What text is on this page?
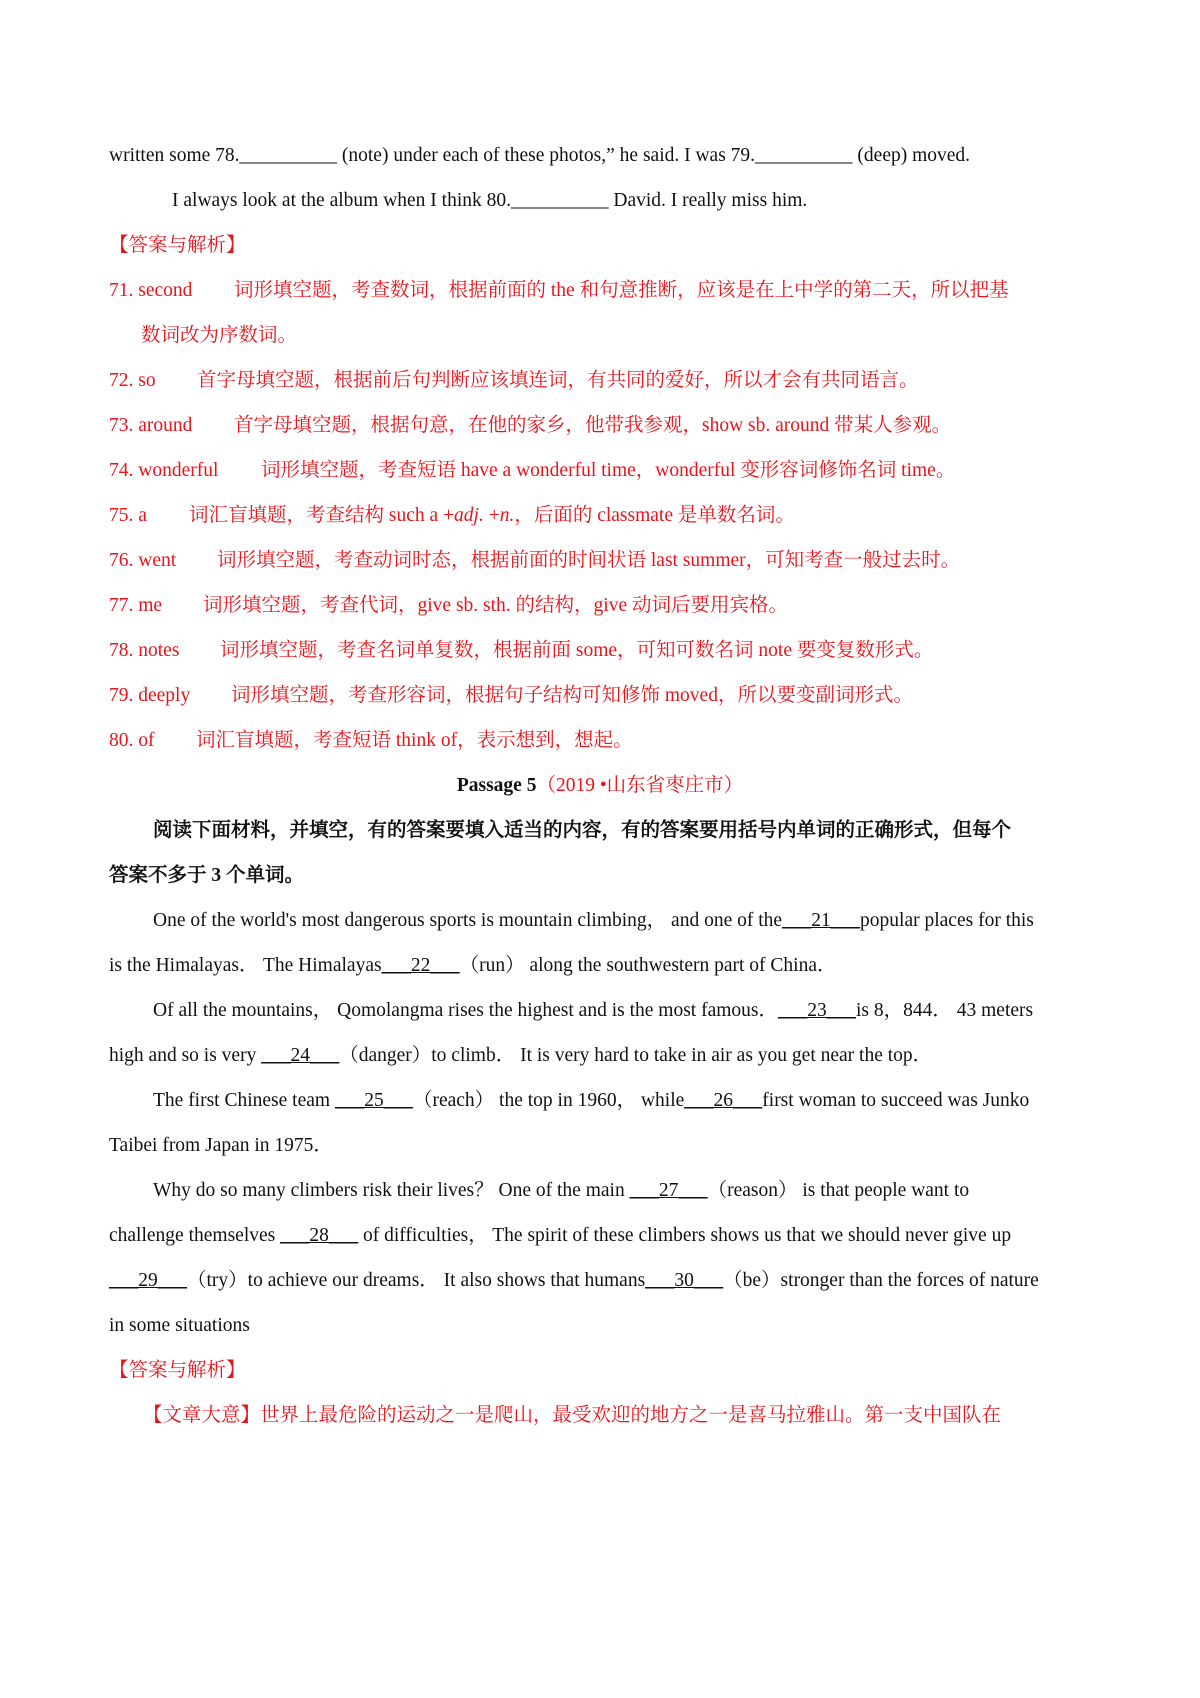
written some 78.__________ (note) under each of these photos,” he said. I was 79.__________ (deep) moved.
I always look at the album when I think 80.__________ David. I really miss him.
【答案与解析】
71. second 词形填空题，考查数词，根据前面的 the 和句意推断，应该是在上中学的第二天，所以把基
数词改为序数词。
72. so 首字母填空题，根据前后句判断应该填连词，有共同的爱好，所以才会有共同语言。
73. around 首字母填空题，根据句意，在他的家乡，他带我参观，show sb. around 带某人参观。
74. wonderful 词形填空题，考查短语 have a wonderful time，wonderful 变形容词修饰名词 time。
75. a 词汇盲填题，考查结构 such a +adj. +n.，后面的 classmate 是单数名词。
76. went 词形填空题，考查动词时态，根据前面的时间状语 last summer，可知考查一般过去时。
77. me 词形填空题，考查代词，give sb. sth. 的结构，give 动词后要用宾格。
78. notes 词形填空题，考查名词单复数，根据前面 some，可知可数名词 note 要变复数形式。
79. deeply 词形填空题，考查形容词，根据句子结构可知修饰 moved，所以要变副词形式。
80. of 词汇盲填题，考查短语 think of，表示想到，想起。
Passage 5（2019 •山东省枣庄市）
阅读下面材料，并填空，有的答案要填入适当的内容，有的答案要用括号内单词的正确形式，但每个
答案不多于 3 个单词。
One of the world's most dangerous sports is mountain climbing， and one of the___21___popular places for this
is the Himalayas． The Himalayas___22___（run） along the southwestern part of China．
Of all the mountains， Qomolangma rises the highest and is the most famous．___23___is 8，844． 43 meters
high and so is very ___24___（danger）to climb． It is very hard to take in air as you get near the top．
The first Chinese team ___25___（reach） the top in 1960， while___26___first woman to succeed was Junko
Taibei from Japan in 1975．
Why do so many climbers risk their lives？ One of the main ___27___（reason） is that people want to
challenge themselves ___28___ of difficulties， The spirit of these climbers shows us that we should never give up
___29___（try）to achieve our dreams． It also shows that humans___30___（be）stronger than the forces of nature
in some situations
【答案与解析】
【文章大意】世界上最危险的运动之一是爬山，最受欢迎的地方之一是喜马拉雅山。第一支中国队在
